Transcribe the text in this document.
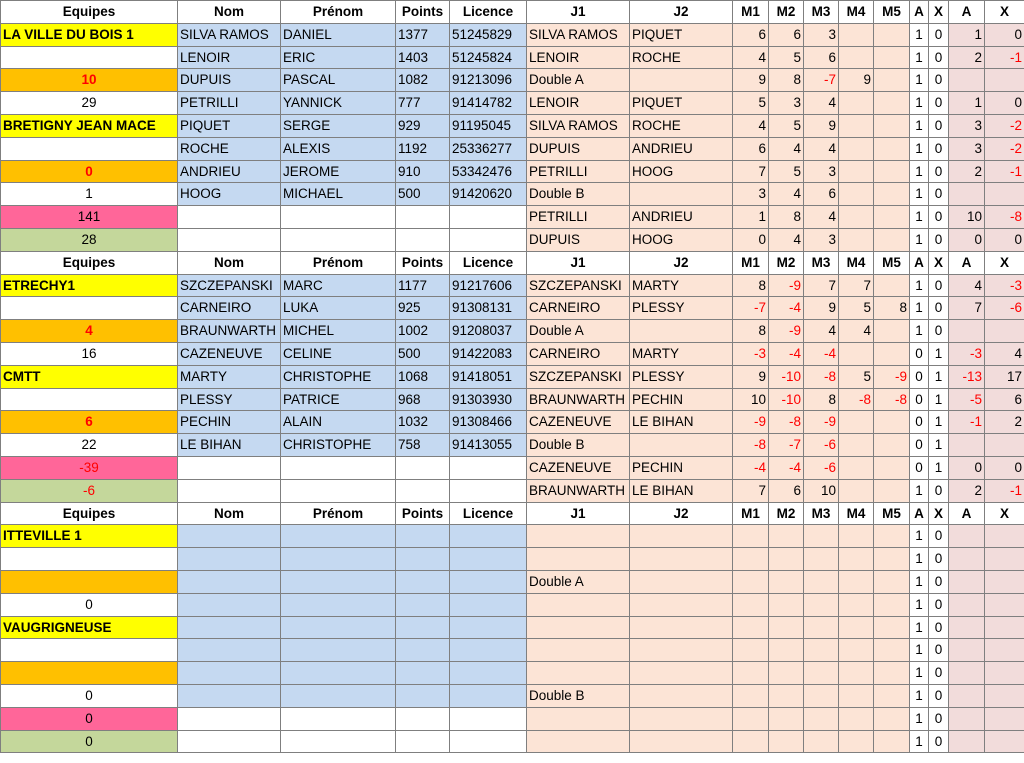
Equipes	Nom	Prénom	Points	Licence	J1	J2	M1	M2	M3	M4	M5	A	X	A	X
LA VILLE DU BOIS 1	SILVA RAMOS	DANIEL	1377	51245829	SILVA RAMOS	PIQUET	6	6	3			1	0	1	0
	LENOIR	ERIC	1403	51245824	LENOIR	ROCHE	4	5	6			1	0	2	-1
10	DUPUIS	PASCAL	1082	91213096	Double A		9	8	-7	9		1	0		
29	PETRILLI	YANNICK	777	91414782	LENOIR	PIQUET	5	3	4			1	0	1	0
BRETIGNY JEAN MACE	PIQUET	SERGE	929	91195045	SILVA RAMOS	ROCHE	4	5	9			1	0	3	-2
	ROCHE	ALEXIS	1192	25336277	DUPUIS	ANDRIEU	6	4	4			1	0	3	-2
0	ANDRIEU	JEROME	910	53342476	PETRILLI	HOOG	7	5	3			1	0	2	-1
1	HOOG	MICHAEL	500	91420620	Double B		3	4	6			1	0		
141					PETRILLI	ANDRIEU	1	8	4			1	0	10	-8
28					DUPUIS	HOOG	0	4	3			1	0	0	0
Equipes	Nom	Prénom	Points	Licence	J1	J2	M1	M2	M3	M4	M5	A	X	A	X
ETRECHY1	SZCZEPANSKI	MARC	1177	91217606	SZCZEPANSKI	MARTY	8	-9	7	7		1	0	4	-3
	CARNEIRO	LUKA	925	91308131	CARNEIRO	PLESSY	-7	-4	9	5	8	1	0	7	-6
4	BRAUNWARTH	MICHEL	1002	91208037	Double A		8	-9	4	4		1	0		
16	CAZENEUVE	CELINE	500	91422083	CARNEIRO	MARTY	-3	-4	-4			0	1	-3	4
CMTT	MARTY	CHRISTOPHE	1068	91418051	SZCZEPANSKI	PLESSY	9	-10	-8	5	-9	0	1	-13	17
	PLESSY	PATRICE	968	91303930	BRAUNWARTH	PECHIN	10	-10	8	-8	-8	0	1	-5	6
6	PECHIN	ALAIN	1032	91308466	CAZENEUVE	LE BIHAN	-9	-8	-9			0	1	-1	2
22	LE BIHAN	CHRISTOPHE	758	91413055	Double B		-8	-7	-6			0	1		
-39					CAZENEUVE	PECHIN	-4	-4	-6			0	1	0	0
-6					BRAUNWARTH	LE BIHAN	7	6	10			1	0	2	-1
Equipes	Nom	Prénom	Points	Licence	J1	J2	M1	M2	M3	M4	M5	A	X	A	X
ITTEVILLE 1												1	0		
												1	0		
					Double A							1	0		
0												1	0		
VAUGRIGNEUSE												1	0		
												1	0		
												1	0		
0					Double B							1	0		
0												1	0		
0												1	0		
